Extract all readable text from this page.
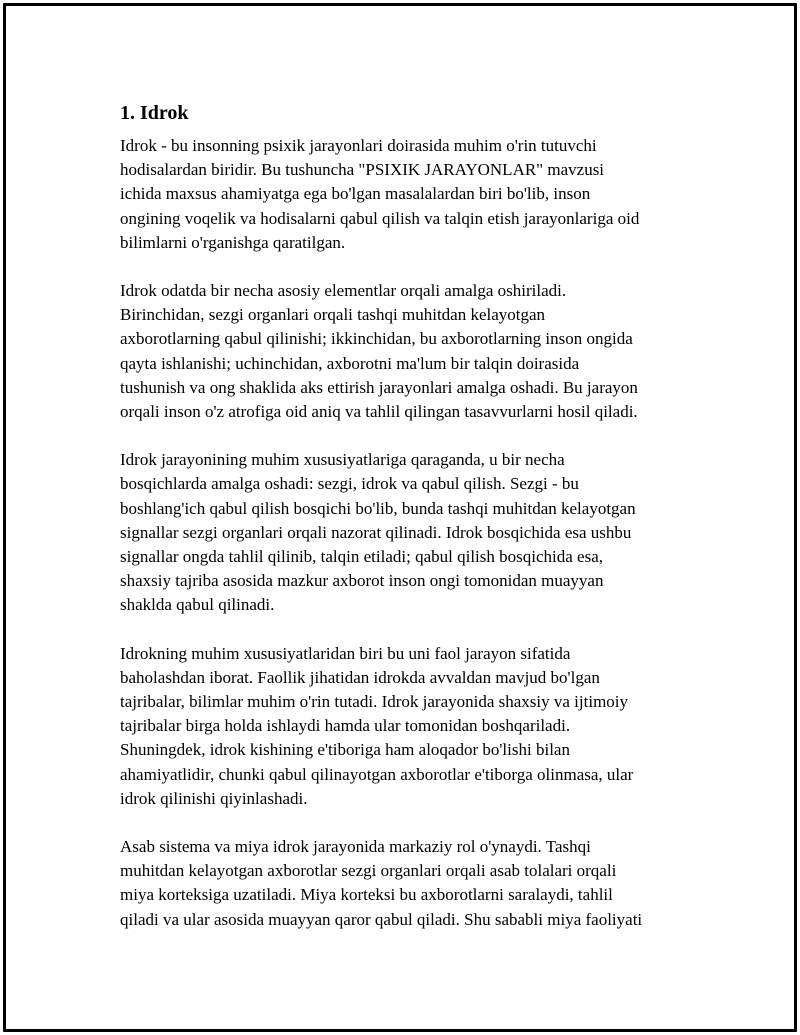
1. Idrok

Idrok - bu insonning psixik jarayonlari doirasida muhim o'rin tutuvchi
hodisalardan biridir. Bu tushuncha "PSIXIK JARAYONLAR" mavzusi
ichida maxsus ahamiyatga ega bo'lgan masalalardan biri bo'lib, inson
ongining voqelik va hodisalarni qabul qilish va talqin etish jarayonlariga oid
bilimlarni o'rganishga qaratilgan.

Idrok odatda bir necha asosiy elementlar orqali amalga oshiriladi.
Birinchidan, sezgi organlari orqali tashqi muhitdan kelayotgan
axborotlarning qabul qilinishi; ikkinchidan, bu axborotlarning inson ongida
qayta ishlanishi; uchinchidan, axborotni ma'lum bir talqin doirasida
tushunish va ong shaklida aks ettirish jarayonlari amalga oshadi. Bu jarayon
orqali inson o'z atrofiga oid aniq va tahlil qilingan tasavvurlarni hosil qiladi.

Idrok jarayonining muhim xususiyatlariga qaraganda, u bir necha
bosqichlarda amalga oshadi: sezgi, idrok va qabul qilish. Sezgi - bu
boshlang'ich qabul qilish bosqichi bo'lib, bunda tashqi muhitdan kelayotgan
signallar sezgi organlari orqali nazorat qilinadi. Idrok bosqichida esa ushbu
signallar ongda tahlil qilinib, talqin etiladi; qabul qilish bosqichida esa,
shaxsiy tajriba asosida mazkur axborot inson ongi tomonidan muayyan
shaklda qabul qilinadi.

Idrokning muhim xususiyatlaridan biri bu uni faol jarayon sifatida
baholashdan iborat. Faollik jihatidan idrokda avvaldan mavjud bo'lgan
tajribalar, bilimlar muhim o'rin tutadi. Idrok jarayonida shaxsiy va ijtimoiy
tajribalar birga holda ishlaydi hamda ular tomonidan boshqariladi.
Shuningdek, idrok kishining e'tiboriga ham aloqador bo'lishi bilan
ahamiyatlidir, chunki qabul qilinayotgan axborotlar e'tiborga olinmasa, ular
idrok qilinishi qiyinlashadi.

Asab sistema va miya idrok jarayonida markaziy rol o'ynaydi. Tashqi
muhitdan kelayotgan axborotlar sezgi organlari orqali asab tolalari orqali
miya korteksiga uzatiladi. Miya korteksi bu axborotlarni saralaydi, tahlil
qiladi va ular asosida muayyan qaror qabul qiladi. Shu sababli miya faoliyati
